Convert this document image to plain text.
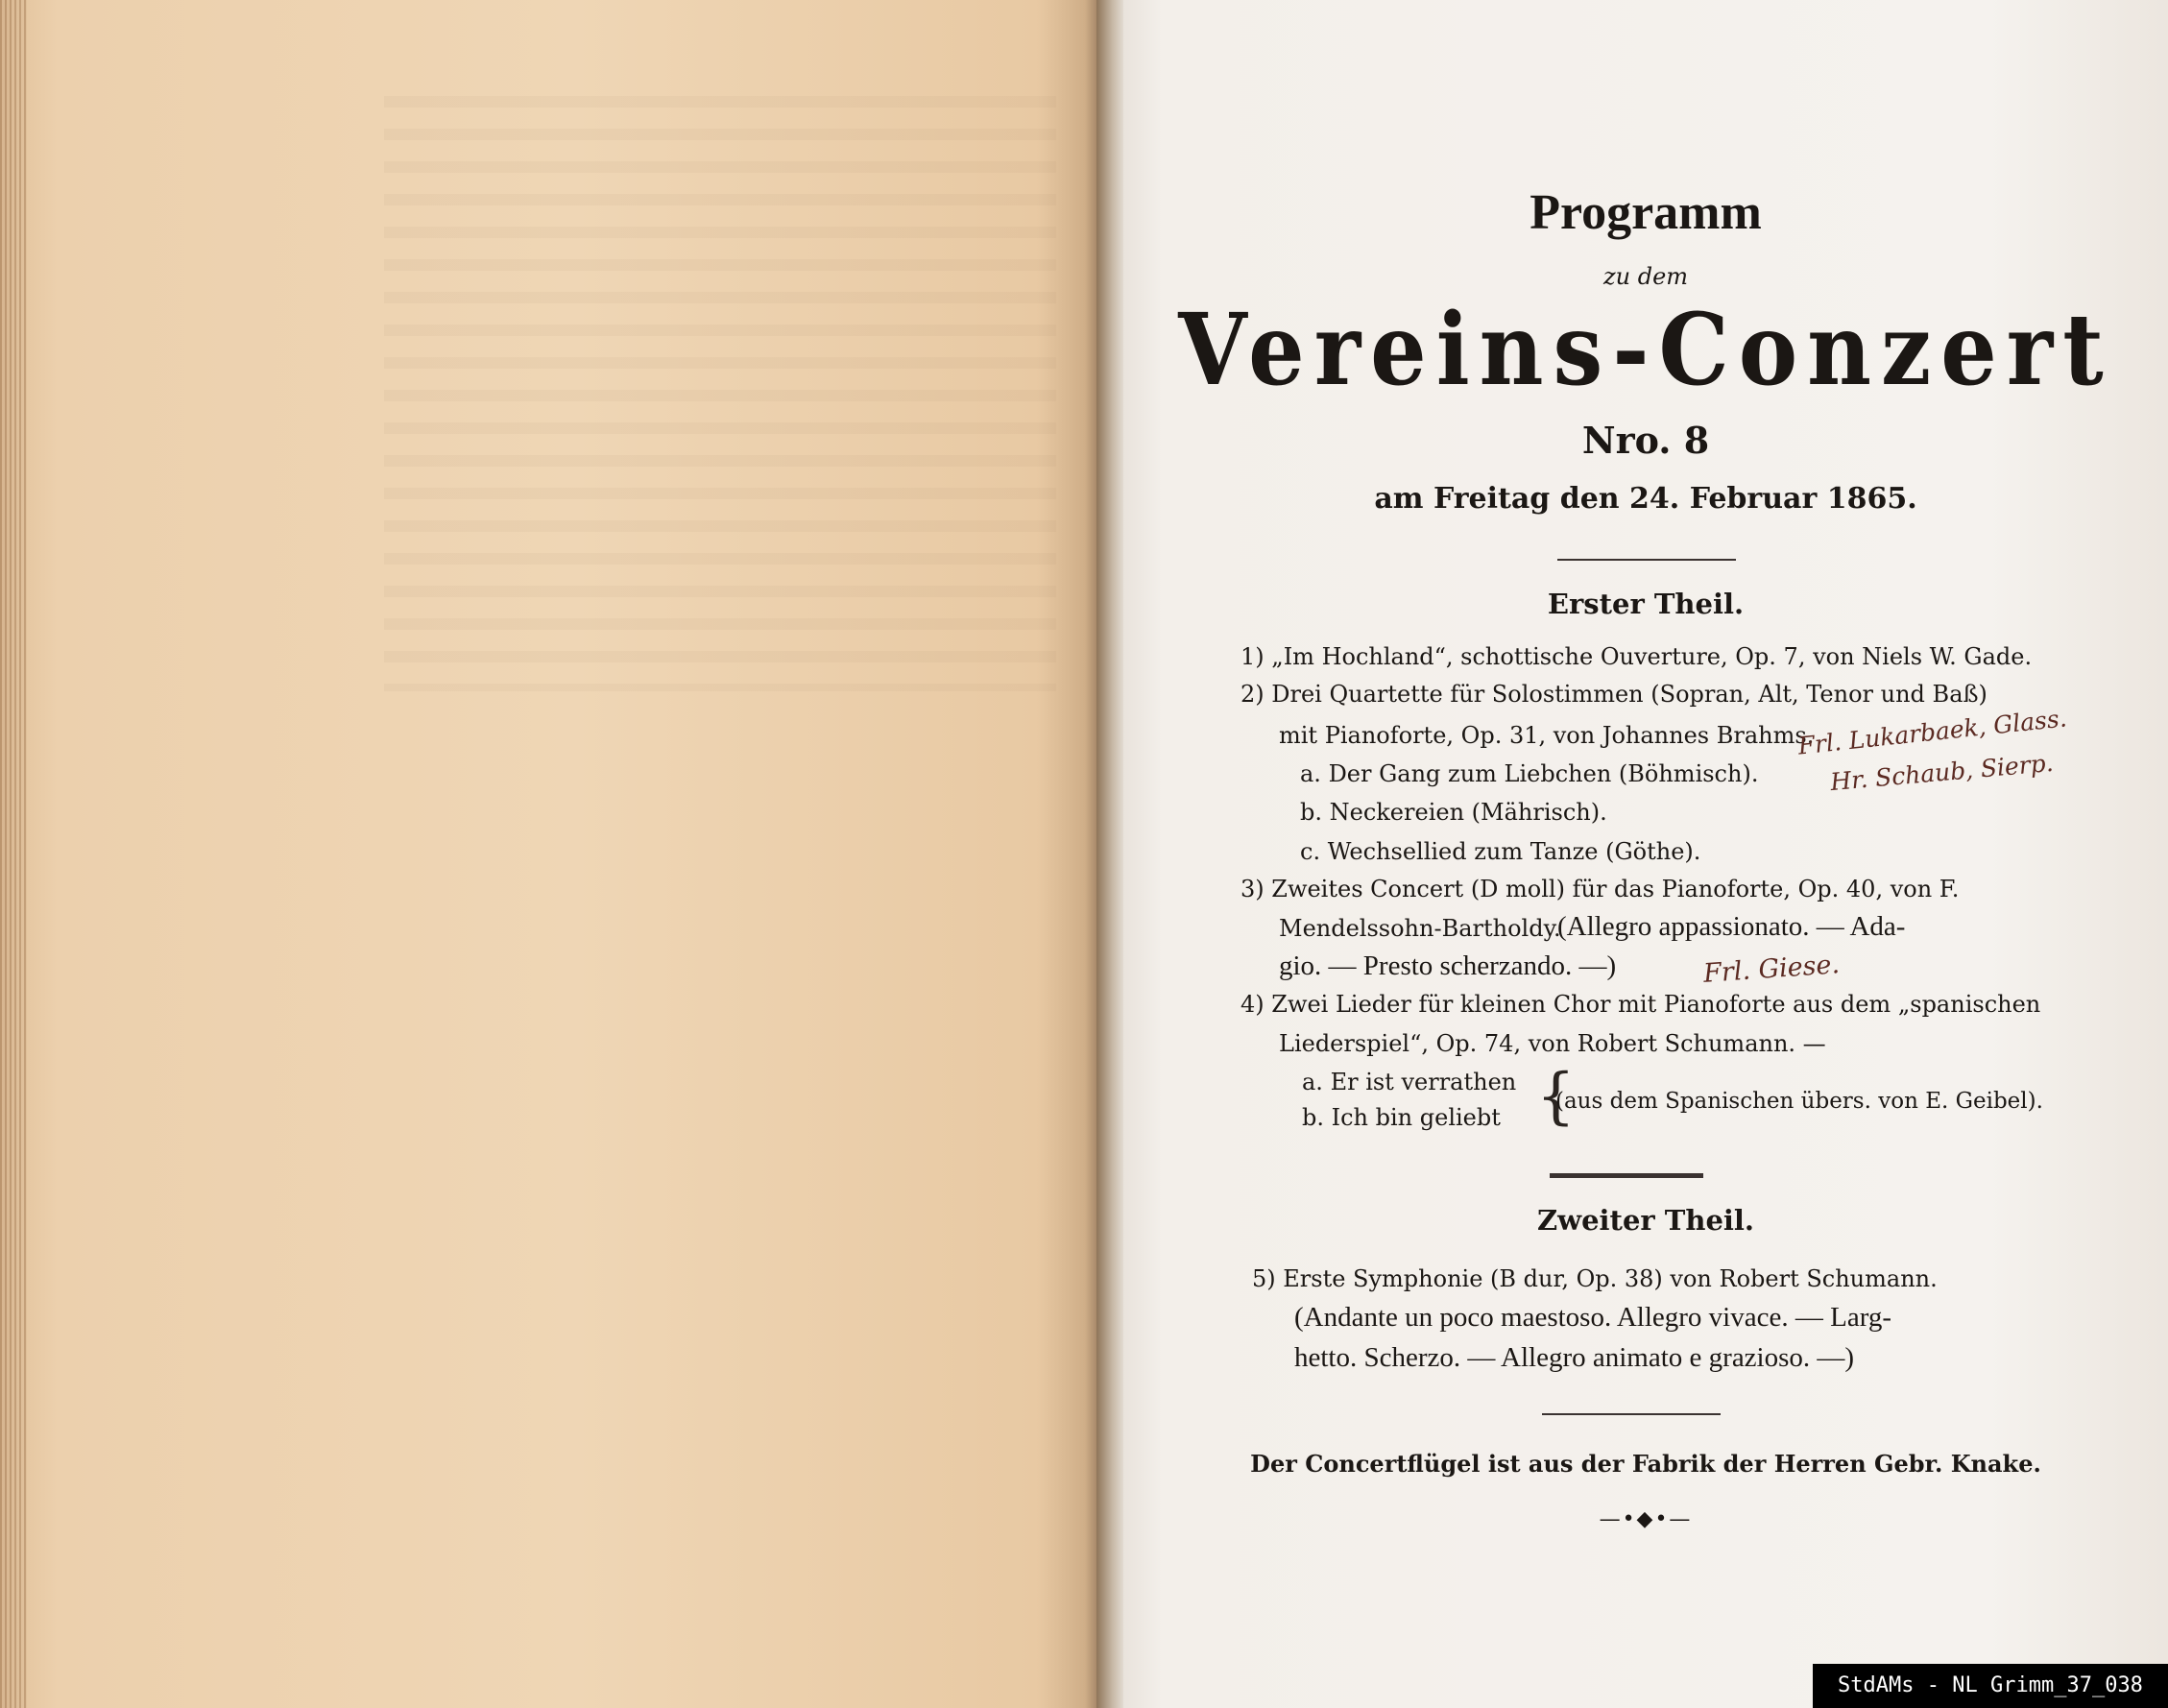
Programm
zu dem
Vereins-Conzert
Nro. 8
am Freitag den 24. Februar 1865.
Erster Theil.
1) „Im Hochland“, schottische Ouverture, Op. 7, von Niels W. Gade.
2) Drei Quartette für Solostimmen (Sopran, Alt, Tenor und Baß)
mit Pianoforte, Op. 31, von Johannes Brahms.
a. Der Gang zum Liebchen (Böhmisch).
b. Neckereien (Mährisch).
c. Wechsellied zum Tanze (Göthe).
3) Zweites Concert (D moll) für das Pianoforte, Op. 40, von F.
Mendelssohn-Bartholdy.
(Allegro appassionato. — Ada-
gio. — Presto scherzando. —)
4) Zwei Lieder für kleinen Chor mit Pianoforte aus dem „spanischen
Liederspiel“, Op. 74, von Robert Schumann. —
a. Er ist verrathen
b. Ich bin geliebt {
(aus dem Spanischen übers. von E. Geibel).
Zweiter Theil.
5) Erste Symphonie (B dur, Op. 38) von Robert Schumann.
(Andante un poco maestoso. Allegro vivace. — Larg-
hetto. Scherzo. — Allegro animato e grazioso. —)
Der Concertflügel ist aus der Fabrik der Herren Gebr. Knake.
—•◆•—
Frl. Lukarbaek, Glass.
Hr. Schaub, Sierp.
Frl. Giese.
StdAMs - NL Grimm_37_038
